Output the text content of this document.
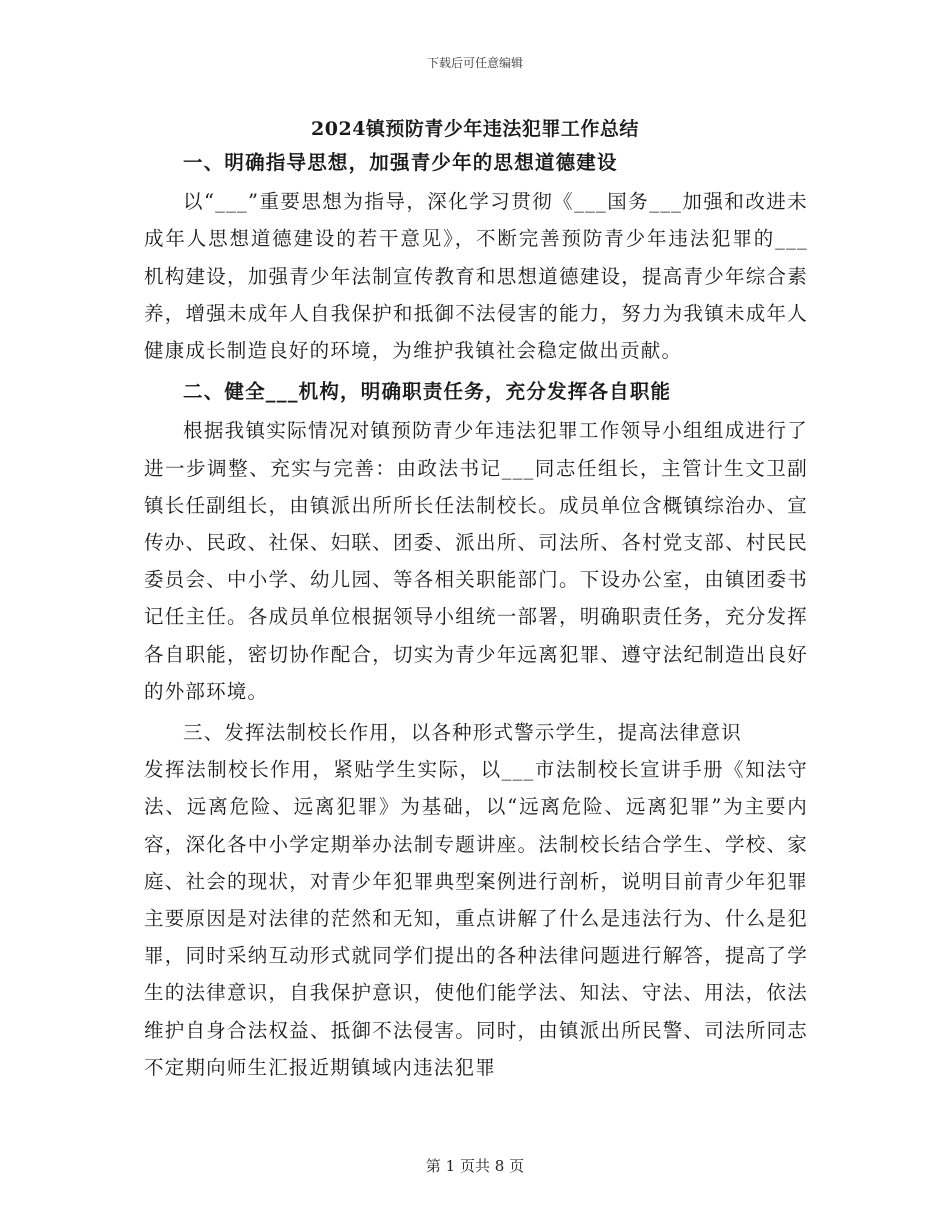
下载后可任意编辑
2024镇预防青少年违法犯罪工作总结

一、明确指导思想，加强青少年的思想道德建设

以“___”重要思想为指导，深化学习贯彻《___国务___加强和改进未成年人思想道德建设的若干意见》，不断完善预防青少年违法犯罪的___机构建设，加强青少年法制宣传教育和思想道德建设，提高青少年综合素养，增强未成年人自我保护和抵御不法侵害的能力，努力为我镇未成年人健康成长制造良好的环境，为维护我镇社会稳定做出贡献。

二、健全___机构，明确职责任务，充分发挥各自职能

根据我镇实际情况对镇预防青少年违法犯罪工作领导小组组成进行了进一步调整、充实与完善：由政法书记___同志任组长，主管计生文卫副镇长任副组长，由镇派出所所长任法制校长。成员单位含概镇综治办、宣传办、民政、社保、妇联、团委、派出所、司法所、各村党支部、村民民委员会、中小学、幼儿园、等各相关职能部门。下设办公室，由镇团委书记任主任。各成员单位根据领导小组统一部署，明确职责任务，充分发挥各自职能，密切协作配合，切实为青少年远离犯罪、遵守法纪制造出良好的外部环境。

三、发挥法制校长作用，以各种形式警示学生，提高法律意识

发挥法制校长作用，紧贴学生实际，以___市法制校长宣讲手册《知法守法、远离危险、远离犯罪》为基础，以“远离危险、远离犯罪”为主要内容，深化各中小学定期举办法制专题讲座。法制校长结合学生、学校、家庭、社会的现状，对青少年犯罪典型案例进行剖析，说明目前青少年犯罪主要原因是对法律的茫然和无知，重点讲解了什么是违法行为、什么是犯罪，同时采纳互动形式就同学们提出的各种法律问题进行解答，提高了学生的法律意识，自我保护意识，使他们能学法、知法、守法、用法，依法维护自身合法权益、抵御不法侵害。同时，由镇派出所民警、司法所同志不定期向师生汇报近期镇域内违法犯罪

第 1 页共 8 页
